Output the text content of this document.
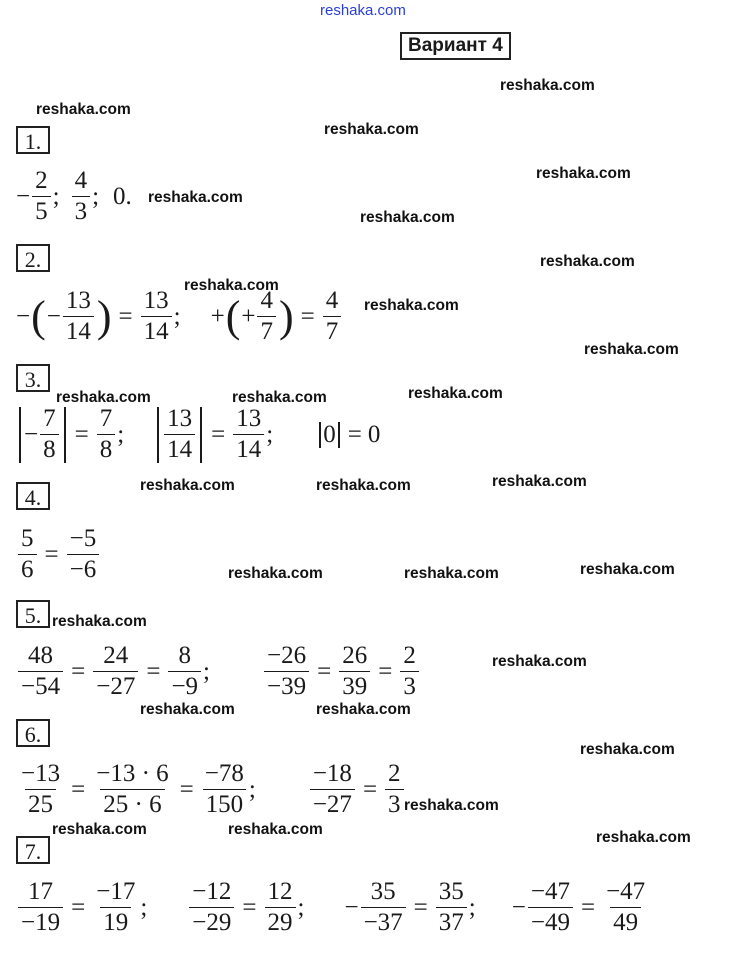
reshaka.com
Вариант 4
reshaka.com
reshaka.com
reshaka.com
reshaka.com
reshaka.com
reshaka.com
reshaka.com
reshaka.com
reshaka.com
reshaka.com
reshaka.com	reshaka.com	reshaka.com
reshaka.com	reshaka.com	reshaka.com
reshaka.com	reshaka.com	reshaka.com
reshaka.com
reshaka.com
reshaka.com	reshaka.com
reshaka.com
reshaka.com
reshaka.com	reshaka.com	reshaka.com
1.
− $\frac{2}{5}$ ; $\frac{4}{3}$ ; 0.
2.
− ( − $\frac{13}{14}$ ) = $\frac{13}{14}$ ; + ( + $\frac{4}{7}$ ) = $\frac{4}{7}$
3.
− $\frac{7}{8} = \frac{7}{8}$ ; $\frac{13}{14} = \frac{13}{14}$ ; 0 = 0
4.
$\frac{5}{6} = \frac{-5}{-6}$
5.
$\frac{48}{-54} = \frac{24}{-27} = \frac{8}{-9}$ ; $\frac{-26}{-39} = \frac{26}{39} = \frac{2}{3}$
6.
$\frac{-13}{25} = \frac{-13 \cdot 6}{25 \cdot 6} = \frac{-78}{150}$ ; $\frac{-18}{-27} = \frac{2}{3}$
7.
$\frac{17}{-19} = \frac{-17}{19}$ ; $\frac{-12}{-29} = \frac{12}{29}$ ; − $\frac{35}{-37} = \frac{35}{37}$ ; − $\frac{-47}{-49} = \frac{-47}{49}$
